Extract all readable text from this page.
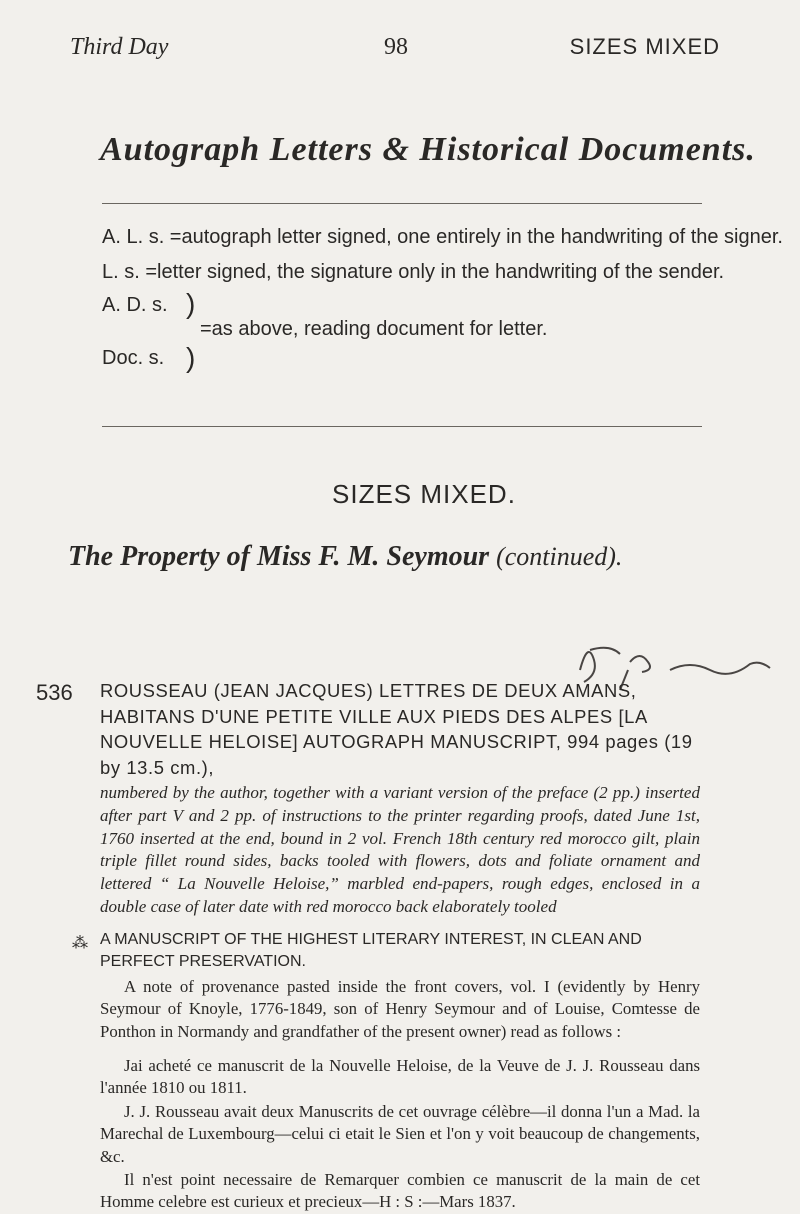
Third Day	98	SIZES MIXED
Autograph Letters & Historical Documents.
A. L. s. =autograph letter signed, one entirely in the handwriting of the signer.
L. s. =letter signed, the signature only in the handwriting of the sender.
A. D. s.
Doc. s.
)
)
=as above, reading document for letter.
SIZES MIXED.
The Property of Miss F. M. Seymour (continued).
536 ROUSSEAU (JEAN JACQUES) LETTRES DE DEUX AMANS, HABITANS D'UNE PETITE VILLE AUX PIEDS DES ALPES [LA NOUVELLE HELOISE] AUTOGRAPH MANUSCRIPT, 994 pages (19 by 13.5 cm.),
numbered by the author, together with a variant version of the preface (2 pp.) inserted after part V and 2 pp. of instructions to the printer regarding proofs, dated June 1st, 1760 inserted at the end, bound in 2 vol. French 18th century red morocco gilt, plain triple fillet round sides, backs tooled with flowers, dots and foliate ornament and lettered “ La Nouvelle Heloise,” marbled end-papers, rough edges, enclosed in a double case of later date with red morocco back elaborately tooled
⁂ A MANUSCRIPT OF THE HIGHEST LITERARY INTEREST, IN CLEAN AND PERFECT PRESERVATION.
A note of provenance pasted inside the front covers, vol. I (evidently by Henry Seymour of Knoyle, 1776-1849, son of Henry Seymour and of Louise, Comtesse de Ponthon in Normandy and grandfather of the present owner) read as follows :
Jai acheté ce manuscrit de la Nouvelle Heloise, de la Veuve de J. J. Rousseau dans l'année 1810 ou 1811.
J. J. Rousseau avait deux Manuscrits de cet ouvrage célèbre—il donna l'un a Mad. la Marechal de Luxembourg—celui ci etait le Sien et l'on y voit beaucoup de changements, &c.
Il n'est point necessaire de Remarquer combien ce manuscrit de la main de cet Homme celebre est curieux et precieux—H : S :—Mars 1837.
